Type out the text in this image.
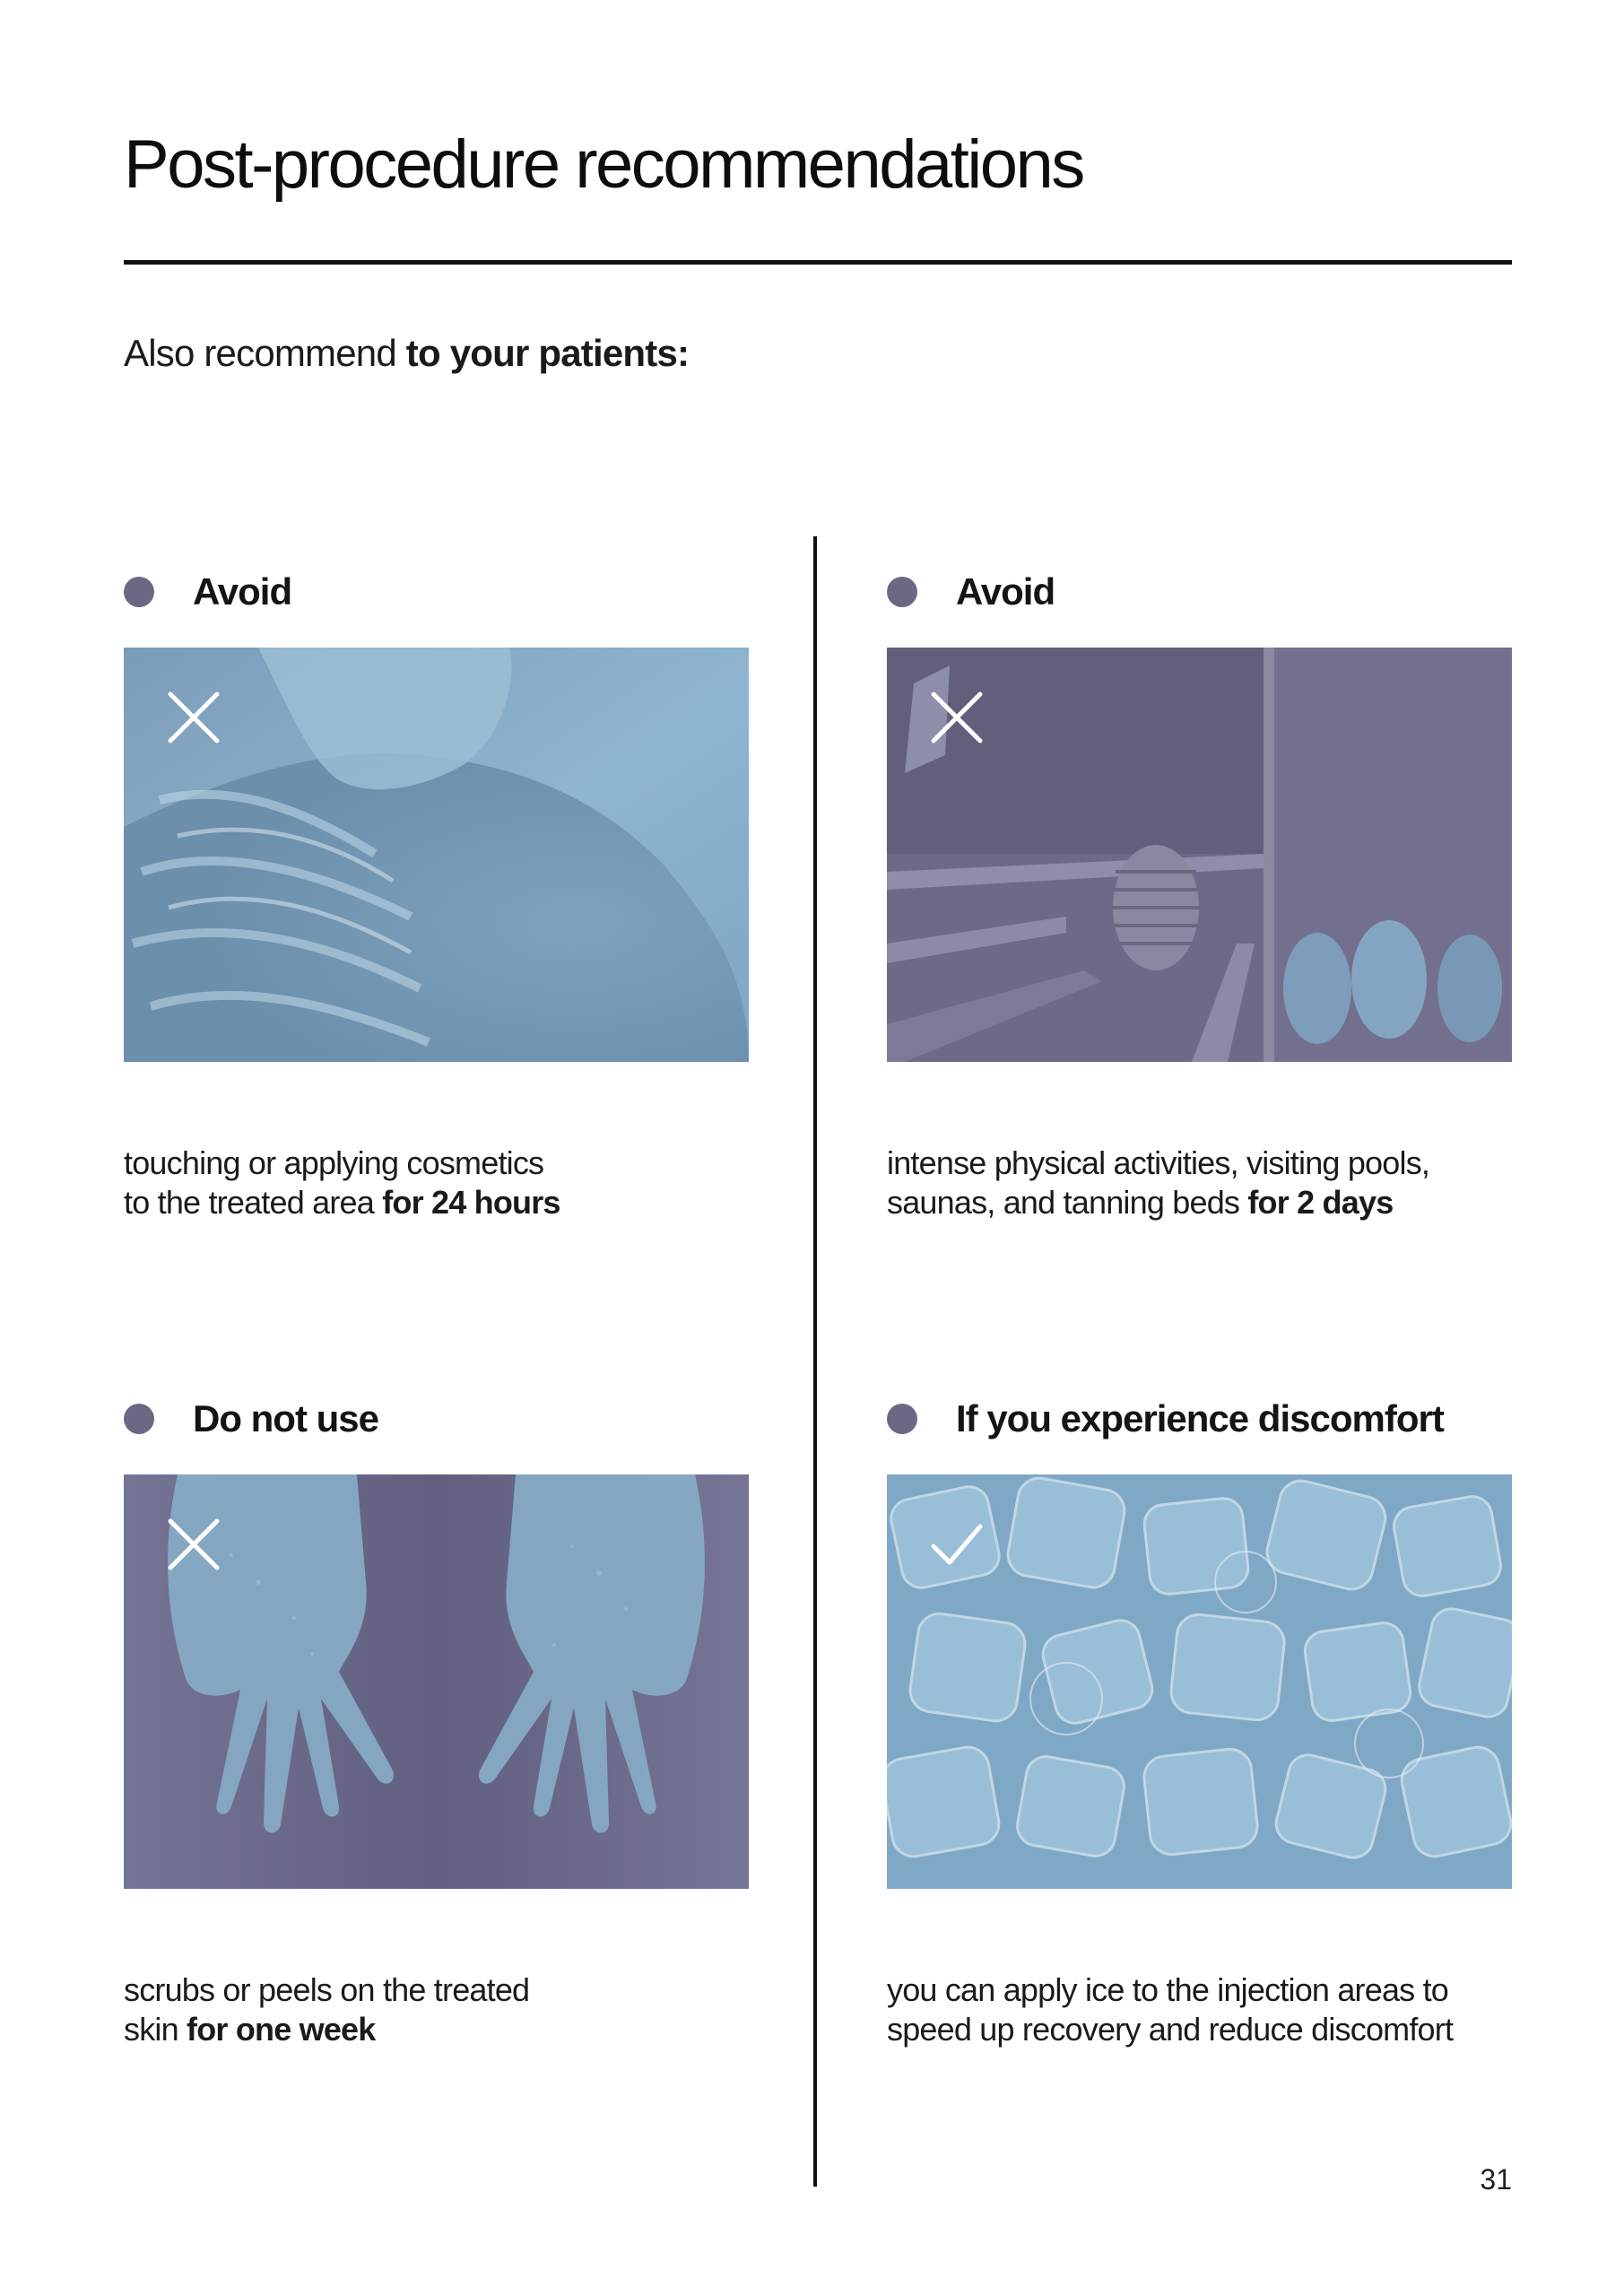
Post-procedure recommendations
Also recommend to your patients:
Avoid
touching or applying cosmetics
to the treated area for 24 hours
Avoid
intense physical activities, visiting pools,
saunas, and tanning beds for 2 days
Do not use
scrubs or peels on the treated
skin for one week
If you experience discomfort
you can apply ice to the injection areas to
speed up recovery and reduce discomfort
31
